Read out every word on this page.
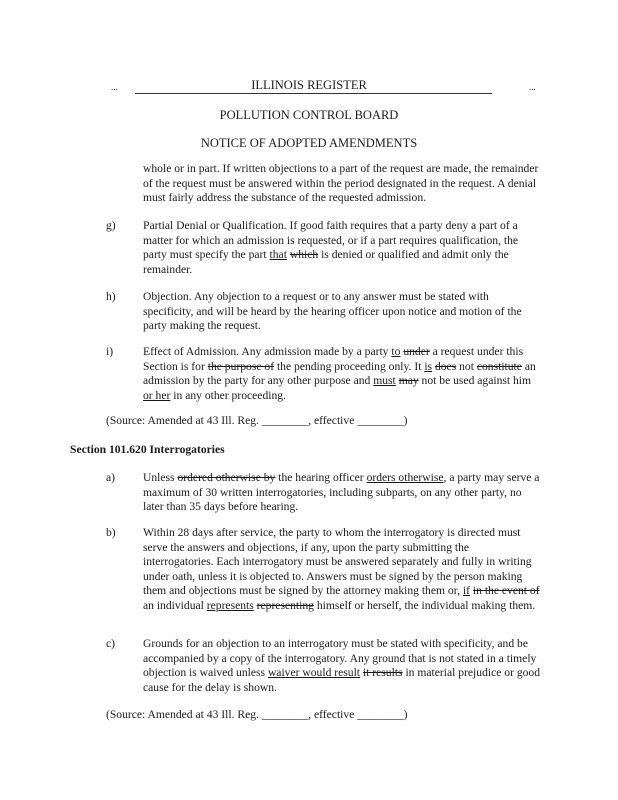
...	ILLINOIS REGISTER	...
POLLUTION CONTROL BOARD
NOTICE OF ADOPTED AMENDMENTS
whole or in part. If written objections to a part of the request are made, the remainder of the request must be answered within the period designated in the request. A denial must fairly address the substance of the requested admission.
g) Partial Denial or Qualification. If good faith requires that a party deny a part of a matter for which an admission is requested, or if a part requires qualification, the party must specify the part that which is denied or qualified and admit only the remainder.
h) Objection. Any objection to a request or to any answer must be stated with specificity, and will be heard by the hearing officer upon notice and motion of the party making the request.
i)	Effect of Admission. Any admission made by a party to under a request under this Section is for the purpose of the pending proceeding only. It is does not constitute an admission by the party for any other purpose and must may not be used against him or her in any other proceeding.
(Source: Amended at 43 Ill. Reg. ________, effective ________)
Section 101.620 Interrogatories
a) Unless ordered otherwise by the hearing officer orders otherwise, a party may serve a maximum of 30 written interrogatories, including subparts, on any other party, no later than 35 days before hearing.
b) Within 28 days after service, the party to whom the interrogatory is directed must serve the answers and objections, if any, upon the party submitting the interrogatories. Each interrogatory must be answered separately and fully in writing under oath, unless it is objected to. Answers must be signed by the person making them and objections must be signed by the attorney making them or, if in the event of an individual represents representing himself or herself, the individual making them.
c) Grounds for an objection to an interrogatory must be stated with specificity, and be accompanied by a copy of the interrogatory. Any ground that is not stated in a timely objection is waived unless waiver would result it results in material prejudice or good cause for the delay is shown.
(Source: Amended at 43 Ill. Reg. ________, effective ________)
